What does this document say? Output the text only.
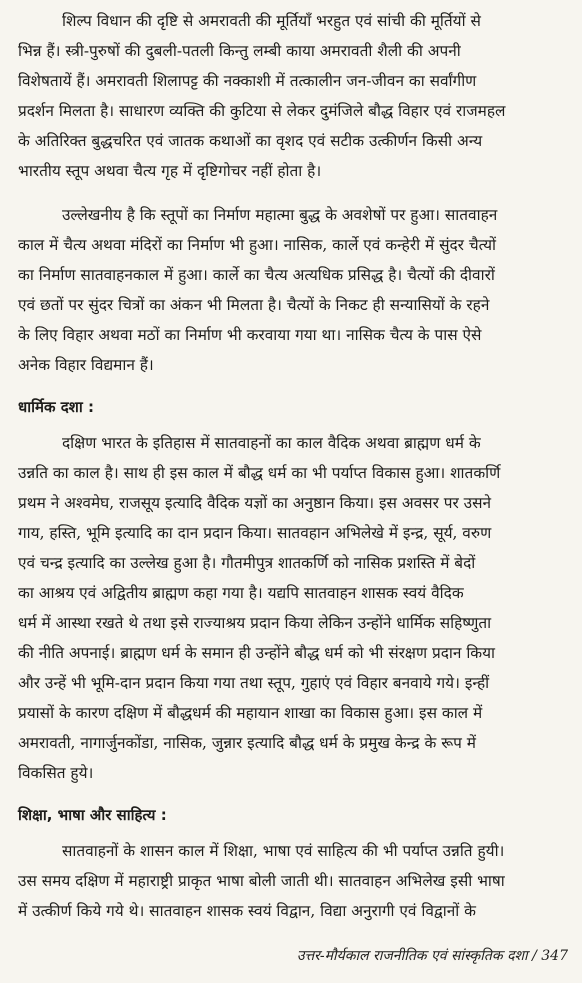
शिल्प विधान की दृष्टि से अमरावती की मूर्तियाँ भरहुत एवं सांची की मूर्तियों से
भिन्न हैं। स्त्री-पुरुषों की दुबली-पतली किन्तु लम्बी काया अमरावती शैली की अपनी
विशेषतायें हैं। अमरावती शिलापट्ट की नक्काशी में तत्कालीन जन-जीवन का सर्वांगीण
प्रदर्शन मिलता है। साधारण व्यक्ति की कुटिया से लेकर दुमंजिले बौद्ध विहार एवं राजमहल
के अतिरिक्त बुद्धचरित एवं जातक कथाओं का वृशद एवं सटीक उत्कीर्णन किसी अन्य
भारतीय स्तूप अथवा चैत्य गृह में दृष्टिगोचर नहीं होता है।
उल्लेखनीय है कि स्तूपों का निर्माण महात्मा बुद्ध के अवशेषों पर हुआ। सातवाहन
काल में चैत्य अथवा मंदिरों का निर्माण भी हुआ। नासिक, कार्ले एवं कन्हेरी में सुंदर चैत्यों
का निर्माण सातवाहनकाल में हुआ। कार्ले का चैत्य अत्यधिक प्रसिद्ध है। चैत्यों की दीवारों
एवं छतों पर सुंदर चित्रों का अंकन भी मिलता है। चैत्यों के निकट ही सन्यासियों के रहने
के लिए विहार अथवा मठों का निर्माण भी करवाया गया था। नासिक चैत्य के पास ऐसे
अनेक विहार विद्यमान हैं।
धार्मिक दशा :
दक्षिण भारत के इतिहास में सातवाहनों का काल वैदिक अथवा ब्राह्मण धर्म के
उन्नति का काल है। साथ ही इस काल में बौद्ध धर्म का भी पर्याप्त विकास हुआ। शातकर्णि
प्रथम ने अश्वमेघ, राजसूय इत्यादि वैदिक यज्ञों का अनुष्ठान किया। इस अवसर पर उसने
गाय, हस्ति, भूमि इत्यादि का दान प्रदान किया। सातवहान अभिलेखे में इन्द्र, सूर्य, वरुण
एवं चन्द्र इत्यादि का उल्लेख हुआ है। गौतमीपुत्र शातकर्णि को नासिक प्रशस्ति में बेदों
का आश्रय एवं अद्वितीय ब्राह्मण कहा गया है। यद्यपि सातवाहन शासक स्वयं वैदिक
धर्म में आस्था रखते थे तथा इसे राज्याश्रय प्रदान किया लेकिन उन्होंने धार्मिक सहिष्णुता
की नीति अपनाई। ब्राह्मण धर्म के समान ही उन्होंने बौद्ध धर्म को भी संरक्षण प्रदान किया
और उन्हें भी भूमि-दान प्रदान किया गया तथा स्तूप, गुहाएं एवं विहार बनवाये गये। इन्हीं
प्रयासों के कारण दक्षिण में बौद्धधर्म की महायान शाखा का विकास हुआ। इस काल में
अमरावती, नागार्जुनकोंडा, नासिक, जुन्नार इत्यादि बौद्ध धर्म के प्रमुख केन्द्र के रूप में
विकसित हुये।
शिक्षा, भाषा और साहित्य :
सातवाहनों के शासन काल में शिक्षा, भाषा एवं साहित्य की भी पर्याप्त उन्नति हुयी।
उस समय दक्षिण में महाराष्ट्री प्राकृत भाषा बोली जाती थी। सातवाहन अभिलेख इसी भाषा
में उत्कीर्ण किये गये थे। सातवाहन शासक स्वयं विद्वान, विद्या अनुरागी एवं विद्वानों के
उत्तर-मौर्यकाल राजनीतिक एवं सांस्कृतिक दशा / 347
